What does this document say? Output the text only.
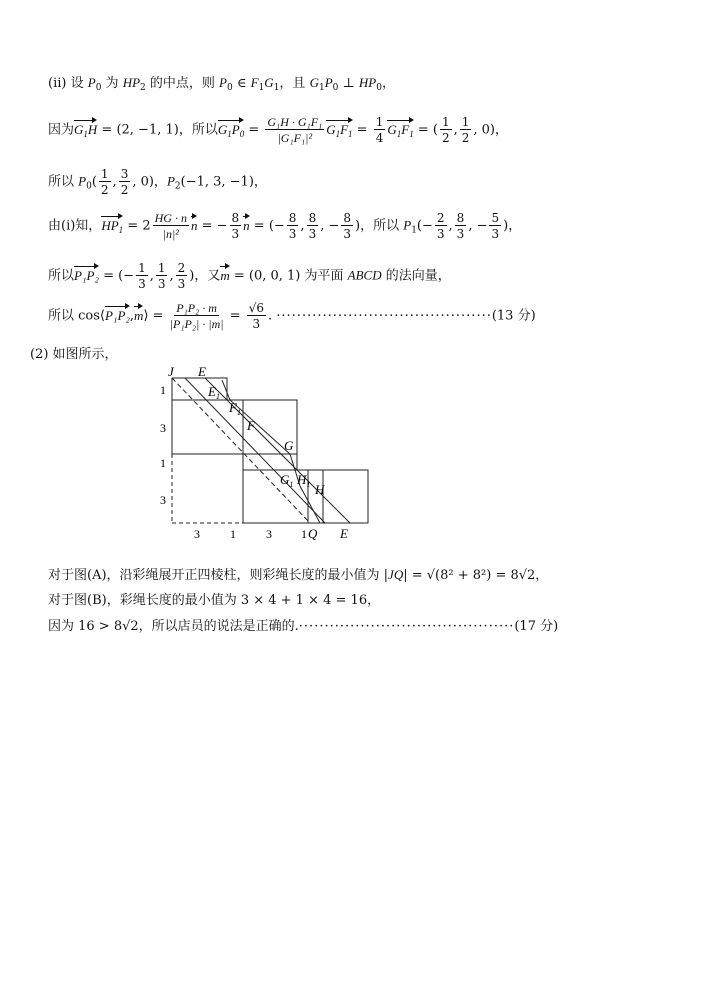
(ⅱ) 设 $P_0$ 为 $HP_2$ 的中点，则 $P_0$ ∈ $F_1G_1$，且 $G_1P_0$ ⊥ $HP_0$，
因为$G_1H = (2$, −1, 1)，所以$G_1P_0 = \frac{\text{G₁H · G₁F₁}}{\text{|G₁F₁|²}} G_1F_1 = \frac{1}{4} G_1F_1$ = ( $\frac{1}{2}$ , $\frac{1}{2}$ , 0)，
所以 $P_0( \frac{1}{2}$ , $\frac{3}{2}$ , 0)，$P_2(-1$, 3, −1)，
由(ⅰ)知，$HP_1 = 2 \frac{HG \cdot n}{\text{|n|²}}$ n = − $\frac{8}{3}$ n = (− $\frac{8}{3}$ , $\frac{8}{3}$ , − $\frac{8}{3}$ )，所以 $P_1(- \frac{2}{3}$ , $\frac{8}{3}$ , − $\frac{5}{3}$ )，
所以P₁P₂ = (− $\frac{1}{3}$ , $\frac{1}{3}$ , $\frac{2}{3}$ )，又m = (0, 0, 1) 为平面 ABCD 的法向量，
所以 cos⟨P₁P₂,m⟩ = $\frac{\text{P₁P₂ · m}}{\text{|P₁P₂| · |m|}} = \frac{√6}{3}$ . ··········································(13 分)
(2) 如图所示，
J E
$E_1$
$F_1$
F
G
$G_1$ $H_1$ H
1
3
1
3
3	1	3 1 Q E
对于图(A)，沿彩绳展开正四棱柱，则彩绳长度的最小值为 |JQ| = √(8² + 8²) = 8√2，
对于图(B)，彩绳长度的最小值为 3 × 4 + 1 × 4 = 16，
因为 16 > 8√2，所以店员的说法是正确的.··········································(17 分)
